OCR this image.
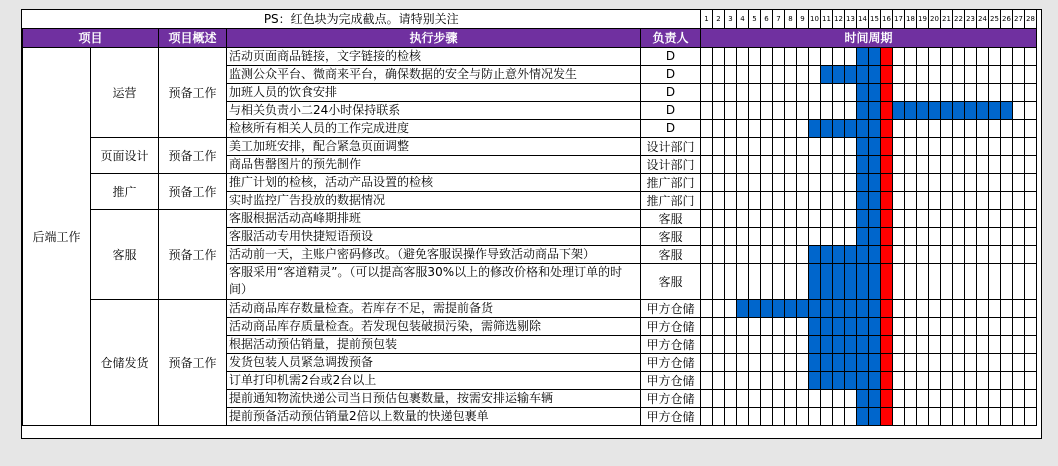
PS：红色块为完成截点。请特别关注					1	2	3	4	5	6	7	8	9	10	11	12	13	14	15	16	17	18	19	20	21	22	23	24	25	26	27	28
项目		项目概述	执行步骤	负责人	时间周期																											
后端工作	运营	预备工作	活动页面商品链接，文字链接的检核	D																												
			监测公众平台、微商来平台，确保数据的安全与防止意外情况发生	D																												
			加班人员的饮食安排	D																												
			与相关负责小二24小时保持联系	D																												
			检核所有相关人员的工作完成进度	D																												
	页面设计	预备工作	美工加班安排，配合紧急页面调整	设计部门																												
			商品售罄图片的预先制作	设计部门																												
	推广	预备工作	推广计划的检核，活动产品设置的检核	推广部门																												
			实时监控广告投放的数据情况	推广部门																												
	客服	预备工作	客服根据活动高峰期排班	客服																												
			客服活动专用快捷短语预设	客服																												
			活动前一天，主账户密码修改。（避免客服误操作导致活动商品下架）	客服																												
			客服采用“客道精灵”。（可以提高客服30%以上的修改价格和处理订单的时间）	客服																												
	仓储发货	预备工作	活动商品库存数量检查。若库存不足，需提前备货	甲方仓储																												
			活动商品库存质量检查。若发现包装破损污染，需筛选剔除	甲方仓储																												
			根据活动预估销量，提前预包装	甲方仓储																												
			发货包装人员紧急调拨预备	甲方仓储																												
			订单打印机需2台或2台以上	甲方仓储																												
			提前通知物流快递公司当日预估包裹数量，按需安排运输车辆	甲方仓储																												
			提前预备活动预估销量2倍以上数量的快递包裹单	甲方仓储																												
